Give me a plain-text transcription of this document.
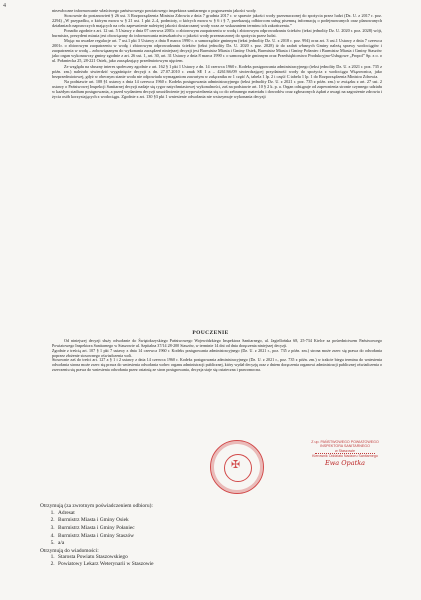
4

niezwłoczne informowanie właściwego państwowego powiatowego inspektora sanitarnego o pogorszeniu jakości wody.

Stosownie do postanowień § 26 ust. 3 Rozporządzenia Ministra Zdrowia z dnia 7 grudnia 2017 r. w sprawie jakości wody przeznaczonej do spożycia przez ludzi (Dz. U. z 2017 r. poz. 2294) „W przypadku, o którym mowa w § 21 ust. 1 pkt 2–4, podmioty, o których mowa w § 6 i § 7, przekazują odbiorcom usług pisemną informację o podejmowanych oraz planowanych działaniach naprawczych mających na celu zapewnienie należytej jakości dostarczanej wody wraz ze wskazaniem terminu ich zakończenia.”

Ponadto zgodnie z art. 12 ust. 5 Ustawy z dnia 07 czerwca 2001r. o zbiorowym zaopatrzeniu w wodę i zbiorowym odprowadzaniu ścieków (tekst jednolity Dz. U. 2020 r. poz. 2028) wójt, burmistrz, prezydent miasta jest obowiązany do informowania mieszkańców o jakości wody przeznaczonej do spożycia przez ludzi.

Mając na uwadze regulacje art. 7 ust.1 pkt 3 Ustawy z dnia 8 marca 1990 r. o samorządzie gminnym (tekst jednolity Dz. U. z 2018 r. poz. 994) oraz art. 3 ust.1 Ustawy z dnia 7 czerwca 2001r. o zbiorowym zaopatrzeniu w wodę i zbiorowym odprowadzaniu ścieków (tekst jednolity Dz. U. 2020 r. poz. 2028) iż do zadań własnych Gminy należą sprawy wodociągów i zaopatrzenia w wodę – zobowiązanym do wykonania zarządzeń niniejszej decyzji jest Burmistrz Miasta i Gminy Osiek, Burmistrz Miasta i Gminy Połaniec i Burmistrz Miasta i Gminy Staszów jako organ wykonawczy gminy zgodnie z art. 26 ust. 1, art. 30, art. 31 Ustawy z dnia 8 marca 1990 r. o samorządzie gminnym oraz Przedsiębiorstwo Produkcyjno-Usługowe „Propol” Sp. z o. o ul. Połaniecka 25, 28-221 Osiek, jako zarządzający przedmiotowym ujęciem.

Ze względu na słuszny interes społeczny zgodnie z art. 162 § 1 pkt 1 Ustawy z dn. 14 czerwca 1960 r. Kodeks postępowania administracyjnego (tekst jednolity Dz. U. z 2021 r. poz. 735 z późn. zm.) należało stwierdzić wygaśnięcie decyzji z dn. 27.07.2010 r. znak SE I a – 4261/66/09 stwierdzającej przydatność wody do spożycia z wodociągu Wiązownica, jako bezprzedmiotowej, gdyż w obecnym stanie woda nie odpowiada wymaganiom zawartym w załączniku nr 1 część A, tabela 1 lp. 2 i część C tabela 1 lp. 1 do Rozporządzenia Ministra Zdrowia.

Na podstawie art. 108 §1 ustawy z dnia 14 czerwca 1960 r. Kodeks postępowania administracyjnego (tekst jednolity Dz. U. z 2021 r. poz. 735 z późn. zm.) w związku z art. 27 ust. 2 ustawy o Państwowej Inspekcji Sanitarnej decyzji nadaje się rygor natychmiastowej wykonalności, zaś na podstawie art. 10 § 2 k. p. a. Organ odstąpuje od zapewnienia stronie czynnego udziału w każdym stadium postępowania, a przed wydaniem decyzji umożliwienie jej wypowiedzenia się co do zebranego materiału i dowodów oraz zgłoszonych żądań z uwagi na zagrożenie zdrowia i życia osób korzystających z wodociągu. Zgodnie z art. 130 §3 pkt 1 wniesienie odwołania nie wstrzymuje wykonania decyzji

POUCZENIE

Od niniejszej decyzji służy odwołanie do Świętokrzyskiego Państwowego Wojewódzkiego Inspektora Sanitarnego, ul. Jagiellońska 68, 25-734 Kielce za pośrednictwem Państwowego Powiatowego Inspektora Sanitarnego w Staszowie ul. Szpitalna 37/14 28-200 Staszów, w terminie 14 dni od dnia doręczenia niniejszej decyzji.

Zgodnie z treścią art. 107 § 1 pkt 7 ustawy z dnia 14 czerwca 1960 r. Kodeks postępowania administracyjnego (Dz. U. z 2021 r., poz. 735 z późn. zm.) strona może zrzec się prawa do odwołania poprzez złożenie stosownego oświadczenia woli.

Stosownie zaś do treści art. 127 a § 1 i 2 ustawy z dnia 14 czerwca 1960 r. Kodeks postępowania administracyjnego (Dz. U. z 2021 r., poz. 735 z późn. zm.) w trakcie biegu terminu do wniesienia odwołania strona może zrzec się prawa do wniesienia odwołania wobec organu administracji publicznej, który wydał decyzję oraz z dniem doręczenia organowi administracji publicznej oświadczenia o zrzeczeniu się prawa do wniesienia odwołania przez ostatnią ze stron postępowania, decyzja staje się ostateczna i prawomocna.

✠
Z up. PAŃSTWOWEGO POWIATOWEGO
INSPEKTORA SANITARNEGO
w Staszowie
Kierownik Oddziału Nadzoru Sanitarnego
Ewa Opatka
Otrzymują (za zwrotnym poświadczeniem odbioru):
1. Adresat
2. Burmistrz Miasta i Gminy Osiek
3. Burmistrz Miasta i Gminy Połaniec
4. Burmistrz Miasta i Gminy Staszów
5. a/a
Otrzymują do wiadomości:
1. Starosta Powiatu Staszowskiego
2. Powiatowy Lekarz Weterynarii w Staszowie
